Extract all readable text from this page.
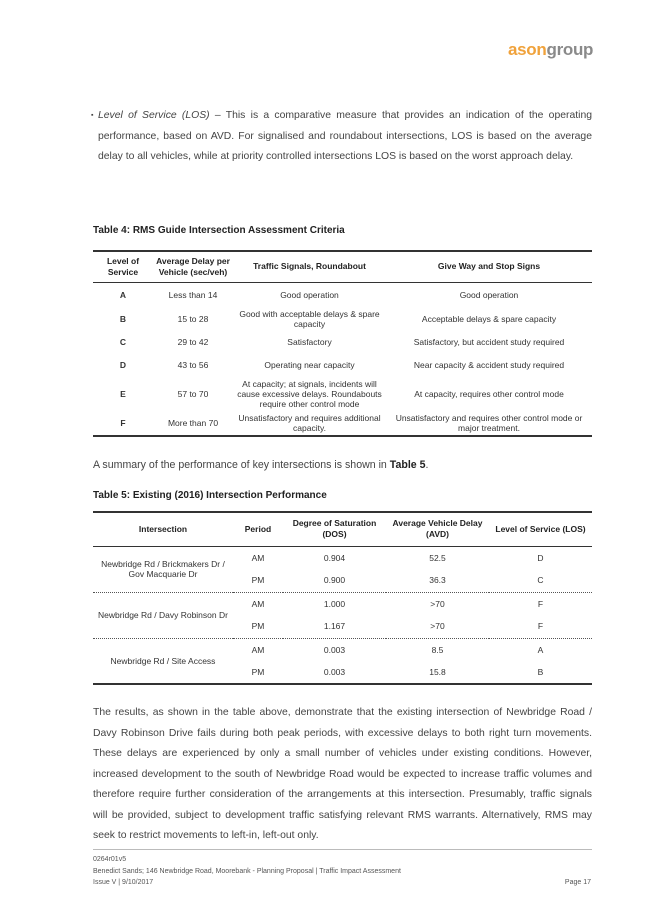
asongroup
▪ Level of Service (LOS) – This is a comparative measure that provides an indication of the operating performance, based on AVD. For signalised and roundabout intersections, LOS is based on the average delay to all vehicles, while at priority controlled intersections LOS is based on the worst approach delay.
Table 4: RMS Guide Intersection Assessment Criteria
Level of Service	Average Delay per Vehicle (sec/veh)	Traffic Signals, Roundabout	Give Way and Stop Signs
A	Less than 14	Good operation	Good operation
B	15 to 28	Good with acceptable delays & spare capacity	Acceptable delays & spare capacity
C	29 to 42	Satisfactory	Satisfactory, but accident study required
D	43 to 56	Operating near capacity	Near capacity & accident study required
E	57 to 70	At capacity; at signals, incidents will cause excessive delays. Roundabouts require other control mode	At capacity, requires other control mode
F	More than 70	Unsatisfactory and requires additional capacity.	Unsatisfactory and requires other control mode or major treatment.
A summary of the performance of key intersections is shown in Table 5.
Table 5: Existing (2016) Intersection Performance
Intersection	Period	Degree of Saturation (DOS)	Average Vehicle Delay (AVD)	Level of Service (LOS)
Newbridge Rd / Brickmakers Dr / Gov Macquarie Dr	AM	0.904	52.5	D
	PM	0.900	36.3	C
Newbridge Rd / Davy Robinson Dr	AM	1.000	>70	F
	PM	1.167	>70	F
Newbridge Rd / Site Access	AM	0.003	8.5	A
	PM	0.003	15.8	B
The results, as shown in the table above, demonstrate that the existing intersection of Newbridge Road / Davy Robinson Drive fails during both peak periods, with excessive delays to both right turn movements. These delays are experienced by only a small number of vehicles under existing conditions. However, increased development to the south of Newbridge Road would be expected to increase traffic volumes and therefore require further consideration of the arrangements at this intersection. Presumably, traffic signals will be provided, subject to development traffic satisfying relevant RMS warrants. Alternatively, RMS may seek to restrict movements to left-in, left-out only.
0264r01v5
Benedict Sands; 146 Newbridge Road, Moorebank - Planning Proposal | Traffic Impact Assessment
Issue V | 9/10/2017	Page 17
